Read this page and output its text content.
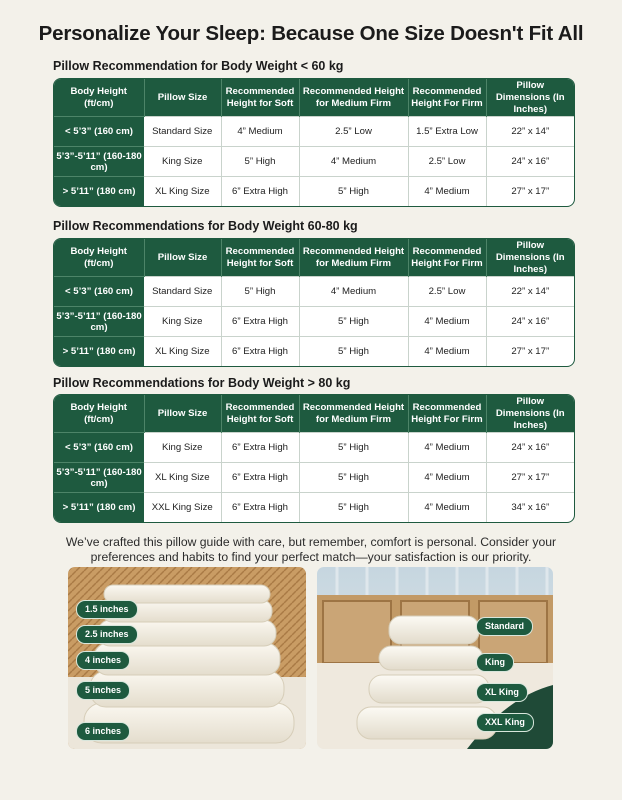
Personalize Your Sleep: Because One Size Doesn't Fit All
Pillow Recommendation for Body Weight < 60 kg
Body Height (ft/cm)	Pillow Size	Recommended Height for Soft	Recommended Height for Medium Firm	Recommended Height For Firm	Pillow Dimensions (In Inches)
< 5’3” (160 cm)	Standard Size	4” Medium	2.5” Low	1.5” Extra Low	22” x 14”
5’3”-5’11” (160-180 cm)	King Size	5” High	4” Medium	2.5” Low	24” x 16”
> 5’11” (180 cm)	XL King Size	6” Extra High	5” High	4” Medium	27” x 17”
Pillow Recommendations for Body Weight 60-80 kg
Body Height (ft/cm)	Pillow Size	Recommended Height for Soft	Recommended Height for Medium Firm	Recommended Height For Firm	Pillow Dimensions (In Inches)
< 5’3” (160 cm)	Standard Size	5” High	4” Medium	2.5” Low	22” x 14”
5’3”-5’11” (160-180 cm)	King Size	6” Extra High	5” High	4” Medium	24” x 16”
> 5’11” (180 cm)	XL King Size	6” Extra High	5” High	4” Medium	27” x 17”
Pillow Recommendations for Body Weight > 80 kg
Body Height (ft/cm)	Pillow Size	Recommended Height for Soft	Recommended Height for Medium Firm	Recommended Height For Firm	Pillow Dimensions (In Inches)
< 5’3” (160 cm)	King Size	6” Extra High	5” High	4” Medium	24” x 16”
5’3”-5’11” (160-180 cm)	XL King Size	6” Extra High	5” High	4” Medium	27” x 17”
> 5’11” (180 cm)	XXL King Size	6” Extra High	5” High	4” Medium	34” x 16”
We’ve crafted this pillow guide with care, but remember, comfort is personal. Consider your preferences and habits to find your perfect match—your satisfaction is our priority.
1.5 inches
2.5 inches
4 inches
5 inches
6 inches
Standard
King
XL King
XXL King
